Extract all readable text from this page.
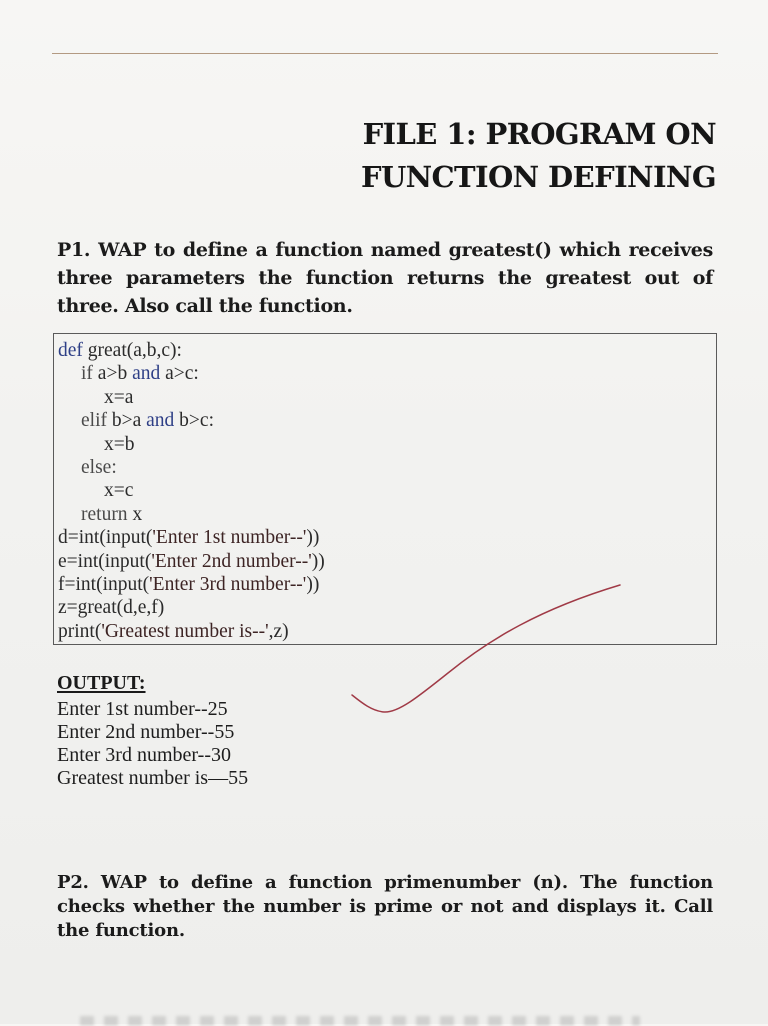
FILE 1: PROGRAM ON
FUNCTION DEFINING
P1. WAP to define a function named greatest() which receives three parameters the function returns the greatest out of three. Also call the function.
def great(a,b,c):
if a>b and a>c:
x=a
elif b>a and b>c:
x=b
else:
x=c
return x
d=int(input('Enter 1st number--'))
e=int(input('Enter 2nd number--'))
f=int(input('Enter 3rd number--'))
z=great(d,e,f)
print('Greatest number is--',z)
OUTPUT:
Enter 1st number--25
Enter 2nd number--55
Enter 3rd number--30
Greatest number is—55
P2. WAP to define a function primenumber (n). The function checks whether the number is prime or not and displays it. Call the function.
